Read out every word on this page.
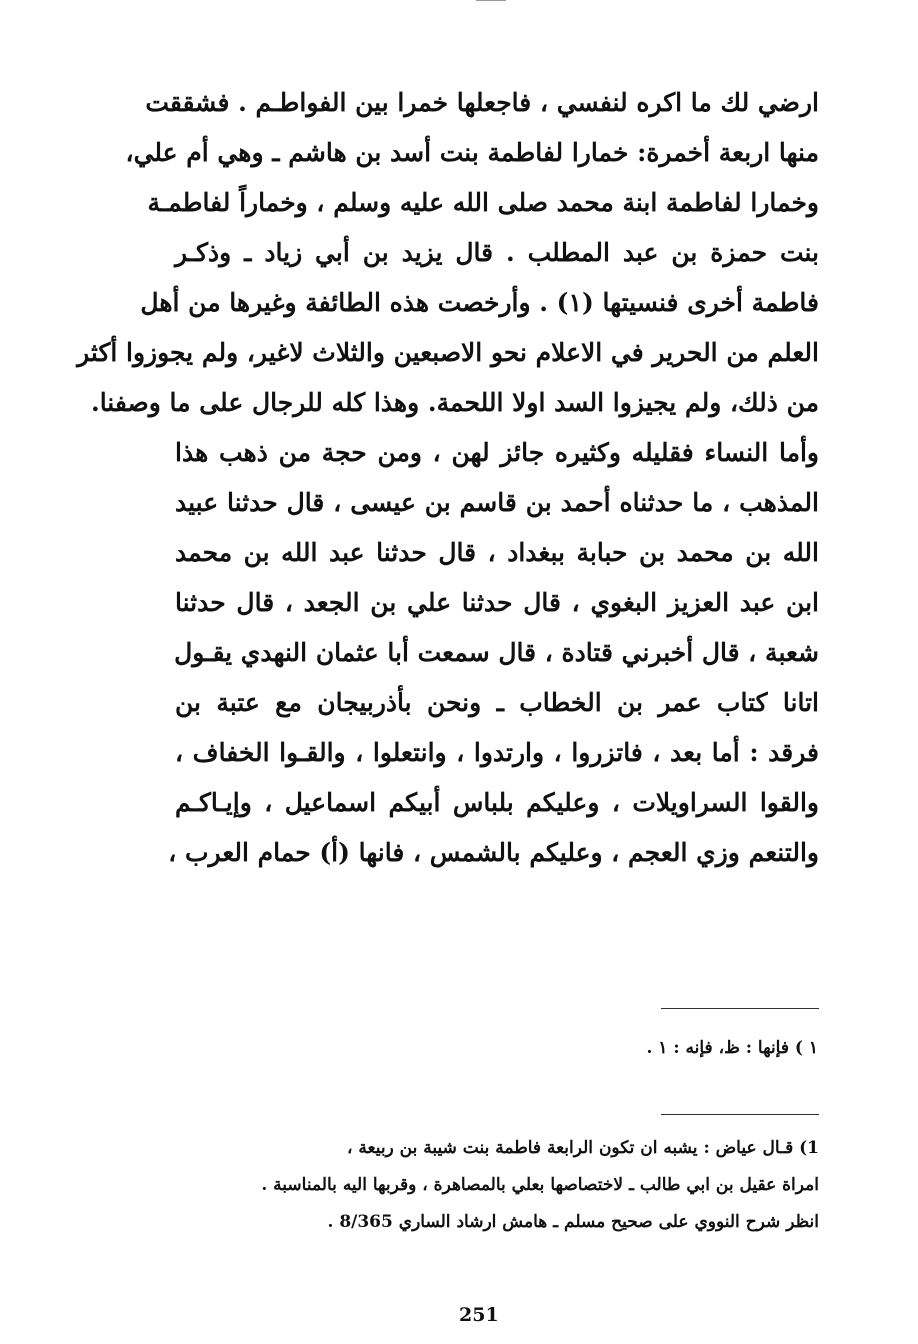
ارضي لك ما اكره لنفسي ، فاجعلها خمرا بين الفواطـم . فشققت
منها اربعة أخمرة: خمارا لفاطمة بنت أسد بن هاشم ـ وهي أم علي،
وخمارا لفاطمة ابنة محمد صلى الله عليه وسلم ، وخماراً لفاطمـة
بنت حمزة بن عبد المطلب . قال يزيد بن أبي زياد ـ وذكـر
فاطمة أخرى فنسيتها (١) . وأرخصت هذه الطائفة وغيرها من أهل
العلم من الحرير في الاعلام نحو الاصبعين والثلاث لاغير، ولم يجوزوا أكثر
من ذلك، ولم يجيزوا السد اولا اللحمة. وهذا كله للرجال على ما وصفنا.
وأما النساء فقليله وكثيره جائز لهن ، ومن حجة من ذهب هذا
المذهب ، ما حدثناه أحمد بن قاسم بن عيسى ، قال حدثنا عبيد
الله بن محمد بن حبابة ببغداد ، قال حدثنا عبد الله بن محمد
ابن عبد العزيز البغوي ، قال حدثنا علي بن الجعد ، قال حدثنا
شعبة ، قال أخبرني قتادة ، قال سمعت أبا عثمان النهدي يقـول
اتانا كتاب عمر بن الخطاب ـ ونحن بأذربيجان مع عتبة بن
فرقد : أما بعد ، فاتزروا ، وارتدوا ، وانتعلوا ، والقـوا الخفاف ،
والقوا السراويلات ، وعليكم بلباس أبيكم اسماعيل ، وإيـاكـم
والتنعم وزي العجم ، وعليكم بالشمس ، فانها (أ) حمام العرب ،
١ ) فإنها : ظ، فإنه : ١ .
1) قـال عياض : يشبه ان تكون الرابعة فاطمة بنت شيبة بن ربيعة ،
امراة عقيل بن ابي طالب ـ لاختصاصها بعلي بالمصاهرة ، وقربها اليه بالمناسبة .
انظر شرح النووي على صحيح مسلم ـ هامش ارشاد الساري 8/365 .
251
